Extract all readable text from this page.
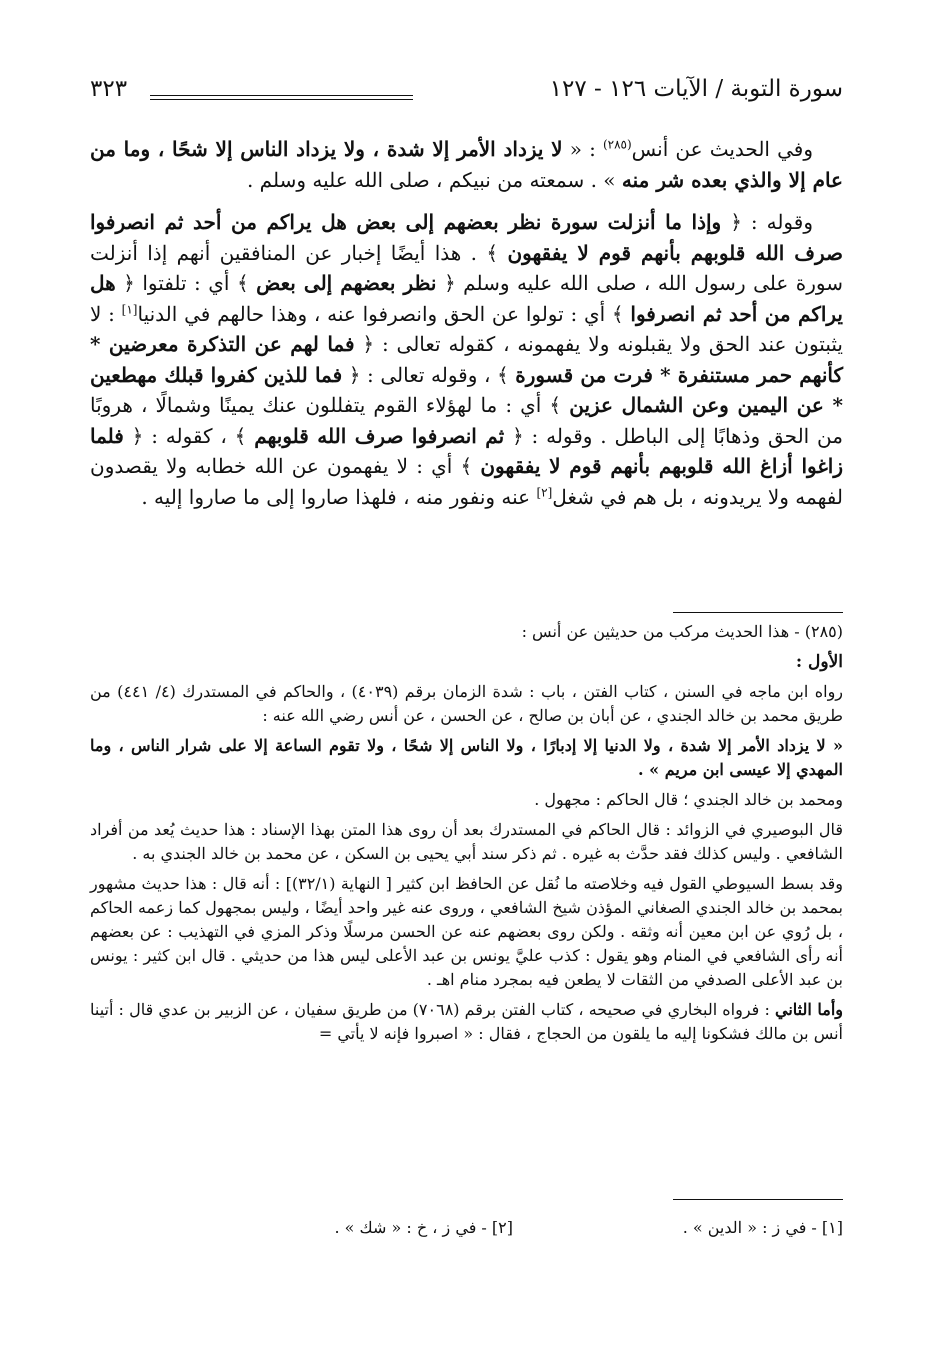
سورة التوبة / الآيات ١٢٦ - ١٢٧
٣٢٣

وفي الحديث عن أنس$^{(٢٨٥)}$ : « لا يزداد الأمر إلا شدة ، ولا يزداد الناس إلا شحًا ، وما من عام إلا والذي بعده شر منه » . سمعته من نبيكم ، صلى الله عليه وسلم .

وقوله : ﴿ وإذا ما أنزلت سورة نظر بعضهم إلى بعض هل يراكم من أحد ثم انصرفوا صرف الله قلوبهم بأنهم قوم لا يفقهون ﴾ . هذا أيضًا إخبار عن المنافقين أنهم إذا أنزلت سورة على رسول الله ، صلى الله عليه وسلم ﴿ نظر بعضهم إلى بعض ﴾ أي : تلفتوا ﴿ هل يراكم من أحد ثم انصرفوا ﴾ أي : تولوا عن الحق وانصرفوا عنه ، وهذا حالهم في الدنيا[١] : لا يثبتون عند الحق ولا يقبلونه ولا يفهمونه ، كقوله تعالى : ﴿ فما لهم عن التذكرة معرضين * كأنهم حمر مستنفرة * فرت من قسورة ﴾ ، وقوله تعالى : ﴿ فما للذين كفروا قبلك مهطعين * عن اليمين وعن الشمال عزين ﴾ أي : ما لهؤلاء القوم يتفللون عنك يمينًا وشمالًا ، هروبًا من الحق وذهابًا إلى الباطل . وقوله : ﴿ ثم انصرفوا صرف الله قلوبهم ﴾ ، كقوله : ﴿ فلما زاغوا أزاغ الله قلوبهم بأنهم قوم لا يفقهون ﴾ أي : لا يفهمون عن الله خطابه ولا يقصدون لفهمه ولا يريدونه ، بل هم في شغل[٢] عنه ونفور منه ، فلهذا صاروا إلى ما صاروا إليه .

(٢٨٥) - هذا الحديث مركب من حديثين عن أنس :

الأول :

رواه ابن ماجه في السنن ، كتاب الفتن ، باب : شدة الزمان برقم (٤٠٣٩) ، والحاكم في المستدرك (٤/ ٤٤١) من طريق محمد بن خالد الجندي ، عن أبان بن صالح ، عن الحسن ، عن أنس رضي الله عنه :

« لا يزداد الأمر إلا شدة ، ولا الدنيا إلا إدبارًا ، ولا الناس إلا شحًا ، ولا تقوم الساعة إلا على شرار الناس ، وما المهدي إلا عيسى ابن مريم » .

ومحمد بن خالد الجندي ؛ قال الحاكم : مجهول .

قال البوصيري في الزوائد : قال الحاكم في المستدرك بعد أن روى هذا المتن بهذا الإسناد : هذا حديث يُعد من أفراد الشافعي . وليس كذلك فقد حدَّث به غيره . ثم ذكر سند أبي يحيى بن السكن ، عن محمد بن خالد الجندي به .

وقد بسط السيوطي القول فيه وخلاصته ما نُقل عن الحافظ ابن كثير [ النهاية (٣٢/١)] : أنه قال : هذا حديث مشهور بمحمد بن خالد الجندي الصغاني المؤذن شيخ الشافعي ، وروى عنه غير واحد أيضًا ، وليس بمجهول كما زعمه الحاكم ، بل رُوي عن ابن معين أنه وثقه . ولكن روى بعضهم عنه عن الحسن مرسلًا وذكر المزي في التهذيب : عن بعضهم أنه رأى الشافعي في المنام وهو يقول : كذب عليَّ يونس بن عبد الأعلى ليس هذا من حديثي . قال ابن كثير : يونس بن عبد الأعلى الصدفي من الثقات لا يطعن فيه بمجرد منام اهـ .

وأما الثاني : فرواه البخاري في صحيحه ، كتاب الفتن برقم (٧٠٦٨) من طريق سفيان ، عن الزبير بن عدي قال : أتينا أنس بن مالك فشكونا إليه ما يلقون من الحجاج ، فقال : « اصبروا فإنه لا يأتي =

[١] - في ز : « الدين » .
[٢] - في ز ، خ : « شك » .
